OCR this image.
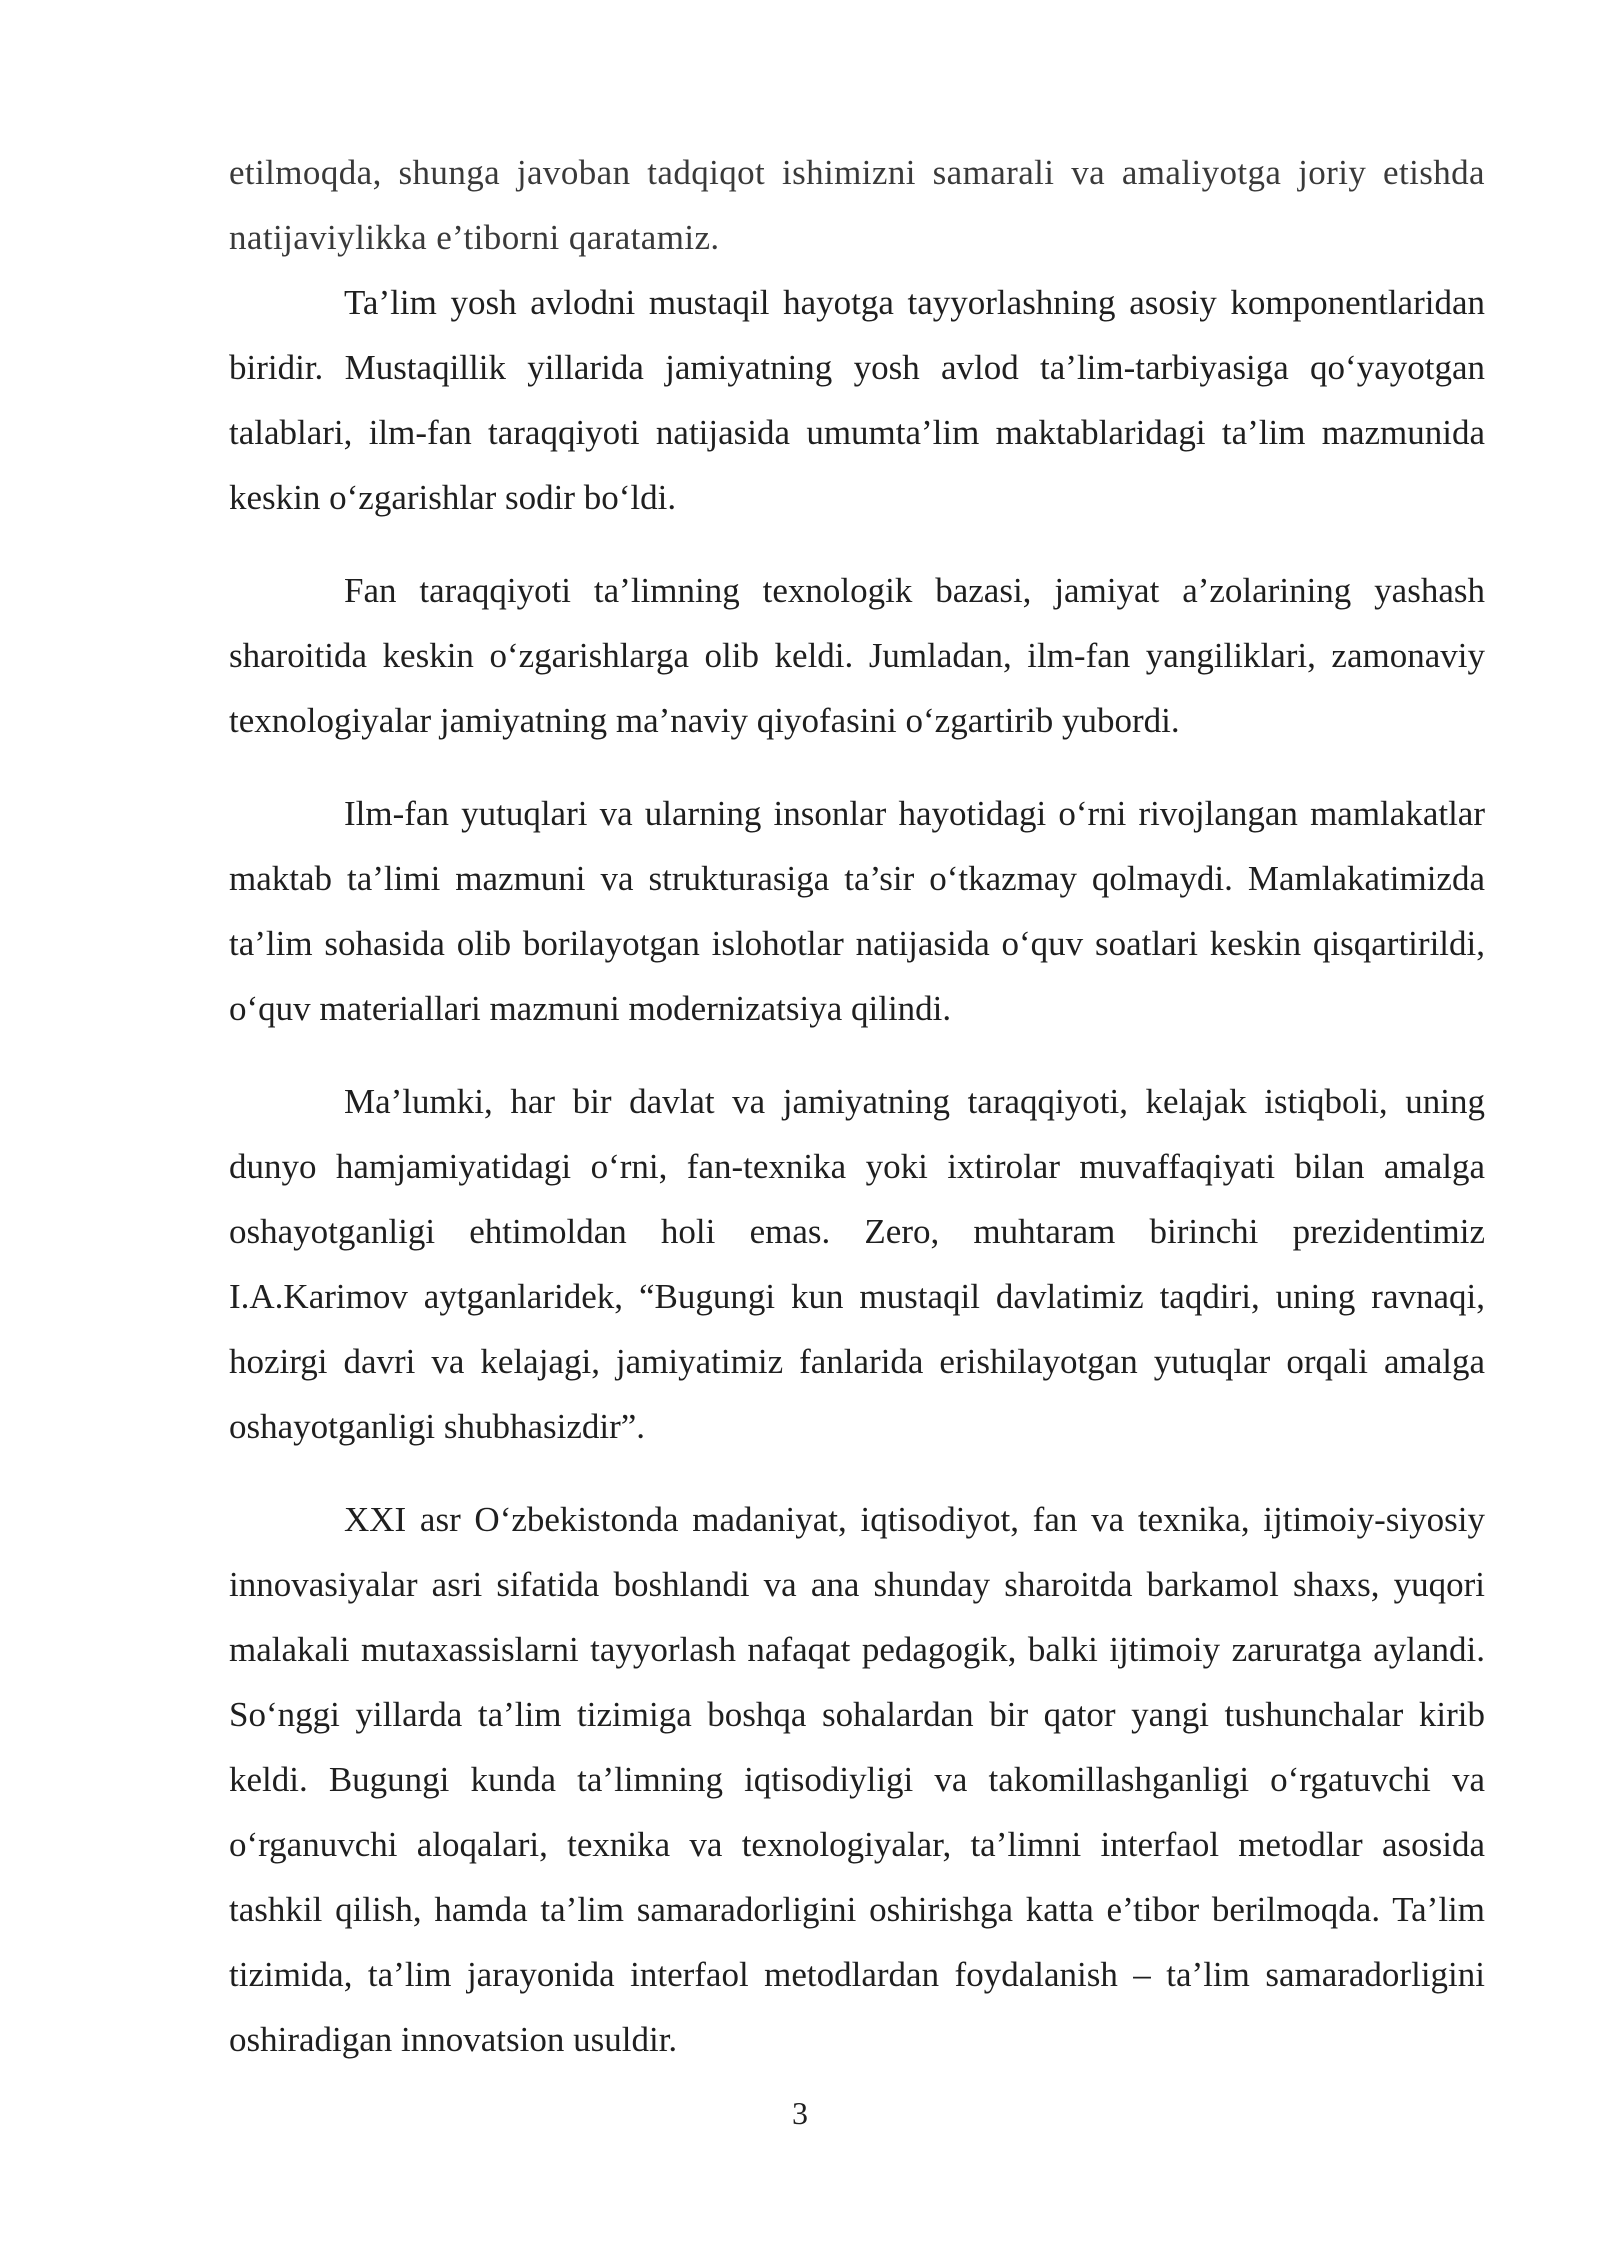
etilmoqda, shunga javoban tadqiqot ishimizni samarali va amaliyotga joriy etishda natijaviylikka e’tiborni qaratamiz.

Ta’lim yosh avlodni mustaqil hayotga tayyorlashning asosiy komponentlaridan biridir. Mustaqillik yillarida jamiyatning yosh avlod ta’lim-tarbiyasiga qo‘yayotgan talablari, ilm-fan taraqqiyoti natijasida umumta’lim maktablaridagi ta’lim mazmunida keskin o‘zgarishlar sodir bo‘ldi.

Fan taraqqiyoti ta’limning texnologik bazasi, jamiyat a’zolarining yashash sharoitida keskin o‘zgarishlarga olib keldi. Jumladan, ilm-fan yangiliklari, zamonaviy texnologiyalar jamiyatning ma’naviy qiyofasini o‘zgartirib yubordi.

Ilm-fan yutuqlari va ularning insonlar hayotidagi o‘rni rivojlangan mamlakatlar maktab ta’limi mazmuni va strukturasiga ta’sir o‘tkazmay qolmaydi. Mamlakatimizda ta’lim sohasida olib borilayotgan islohotlar natijasida o‘quv soatlari keskin qisqartirildi, o‘quv materiallari mazmuni modernizatsiya qilindi.

Ma’lumki, har bir davlat va jamiyatning taraqqiyoti, kelajak istiqboli, uning dunyo hamjamiyatidagi o‘rni, fan-texnika yoki ixtirolar muvaffaqiyati bilan amalga oshayotganligi ehtimoldan holi emas. Zero, muhtaram birinchi prezidentimiz I.A.Karimov aytganlaridek, “Bugungi kun mustaqil davlatimiz taqdiri, uning ravnaqi, hozirgi davri va kelajagi, jamiyatimiz fanlarida erishilayotgan yutuqlar orqali amalga oshayotganligi shubhasizdir”.

XXI asr O‘zbekistonda madaniyat, iqtisodiyot, fan va texnika, ijtimoiy-siyosiy innovasiyalar asri sifatida boshlandi va ana shunday sharoitda barkamol shaxs, yuqori malakali mutaxassislarni tayyorlash nafaqat pedagogik, balki ijtimoiy zaruratga aylandi. So‘nggi yillarda ta’lim tizimiga boshqa sohalardan bir qator yangi tushunchalar kirib keldi. Bugungi kunda ta’limning iqtisodiyligi va takomillashganligi o‘rgatuvchi va o‘rganuvchi aloqalari, texnika va texnologiyalar, ta’limni interfaol metodlar asosida tashkil qilish, hamda ta’lim samaradorligini oshirishga katta e’tibor berilmoqda. Ta’lim tizimida, ta’lim jarayonida interfaol metodlardan foydalanish – ta’lim samaradorligini oshiradigan innovatsion usuldir.

3
